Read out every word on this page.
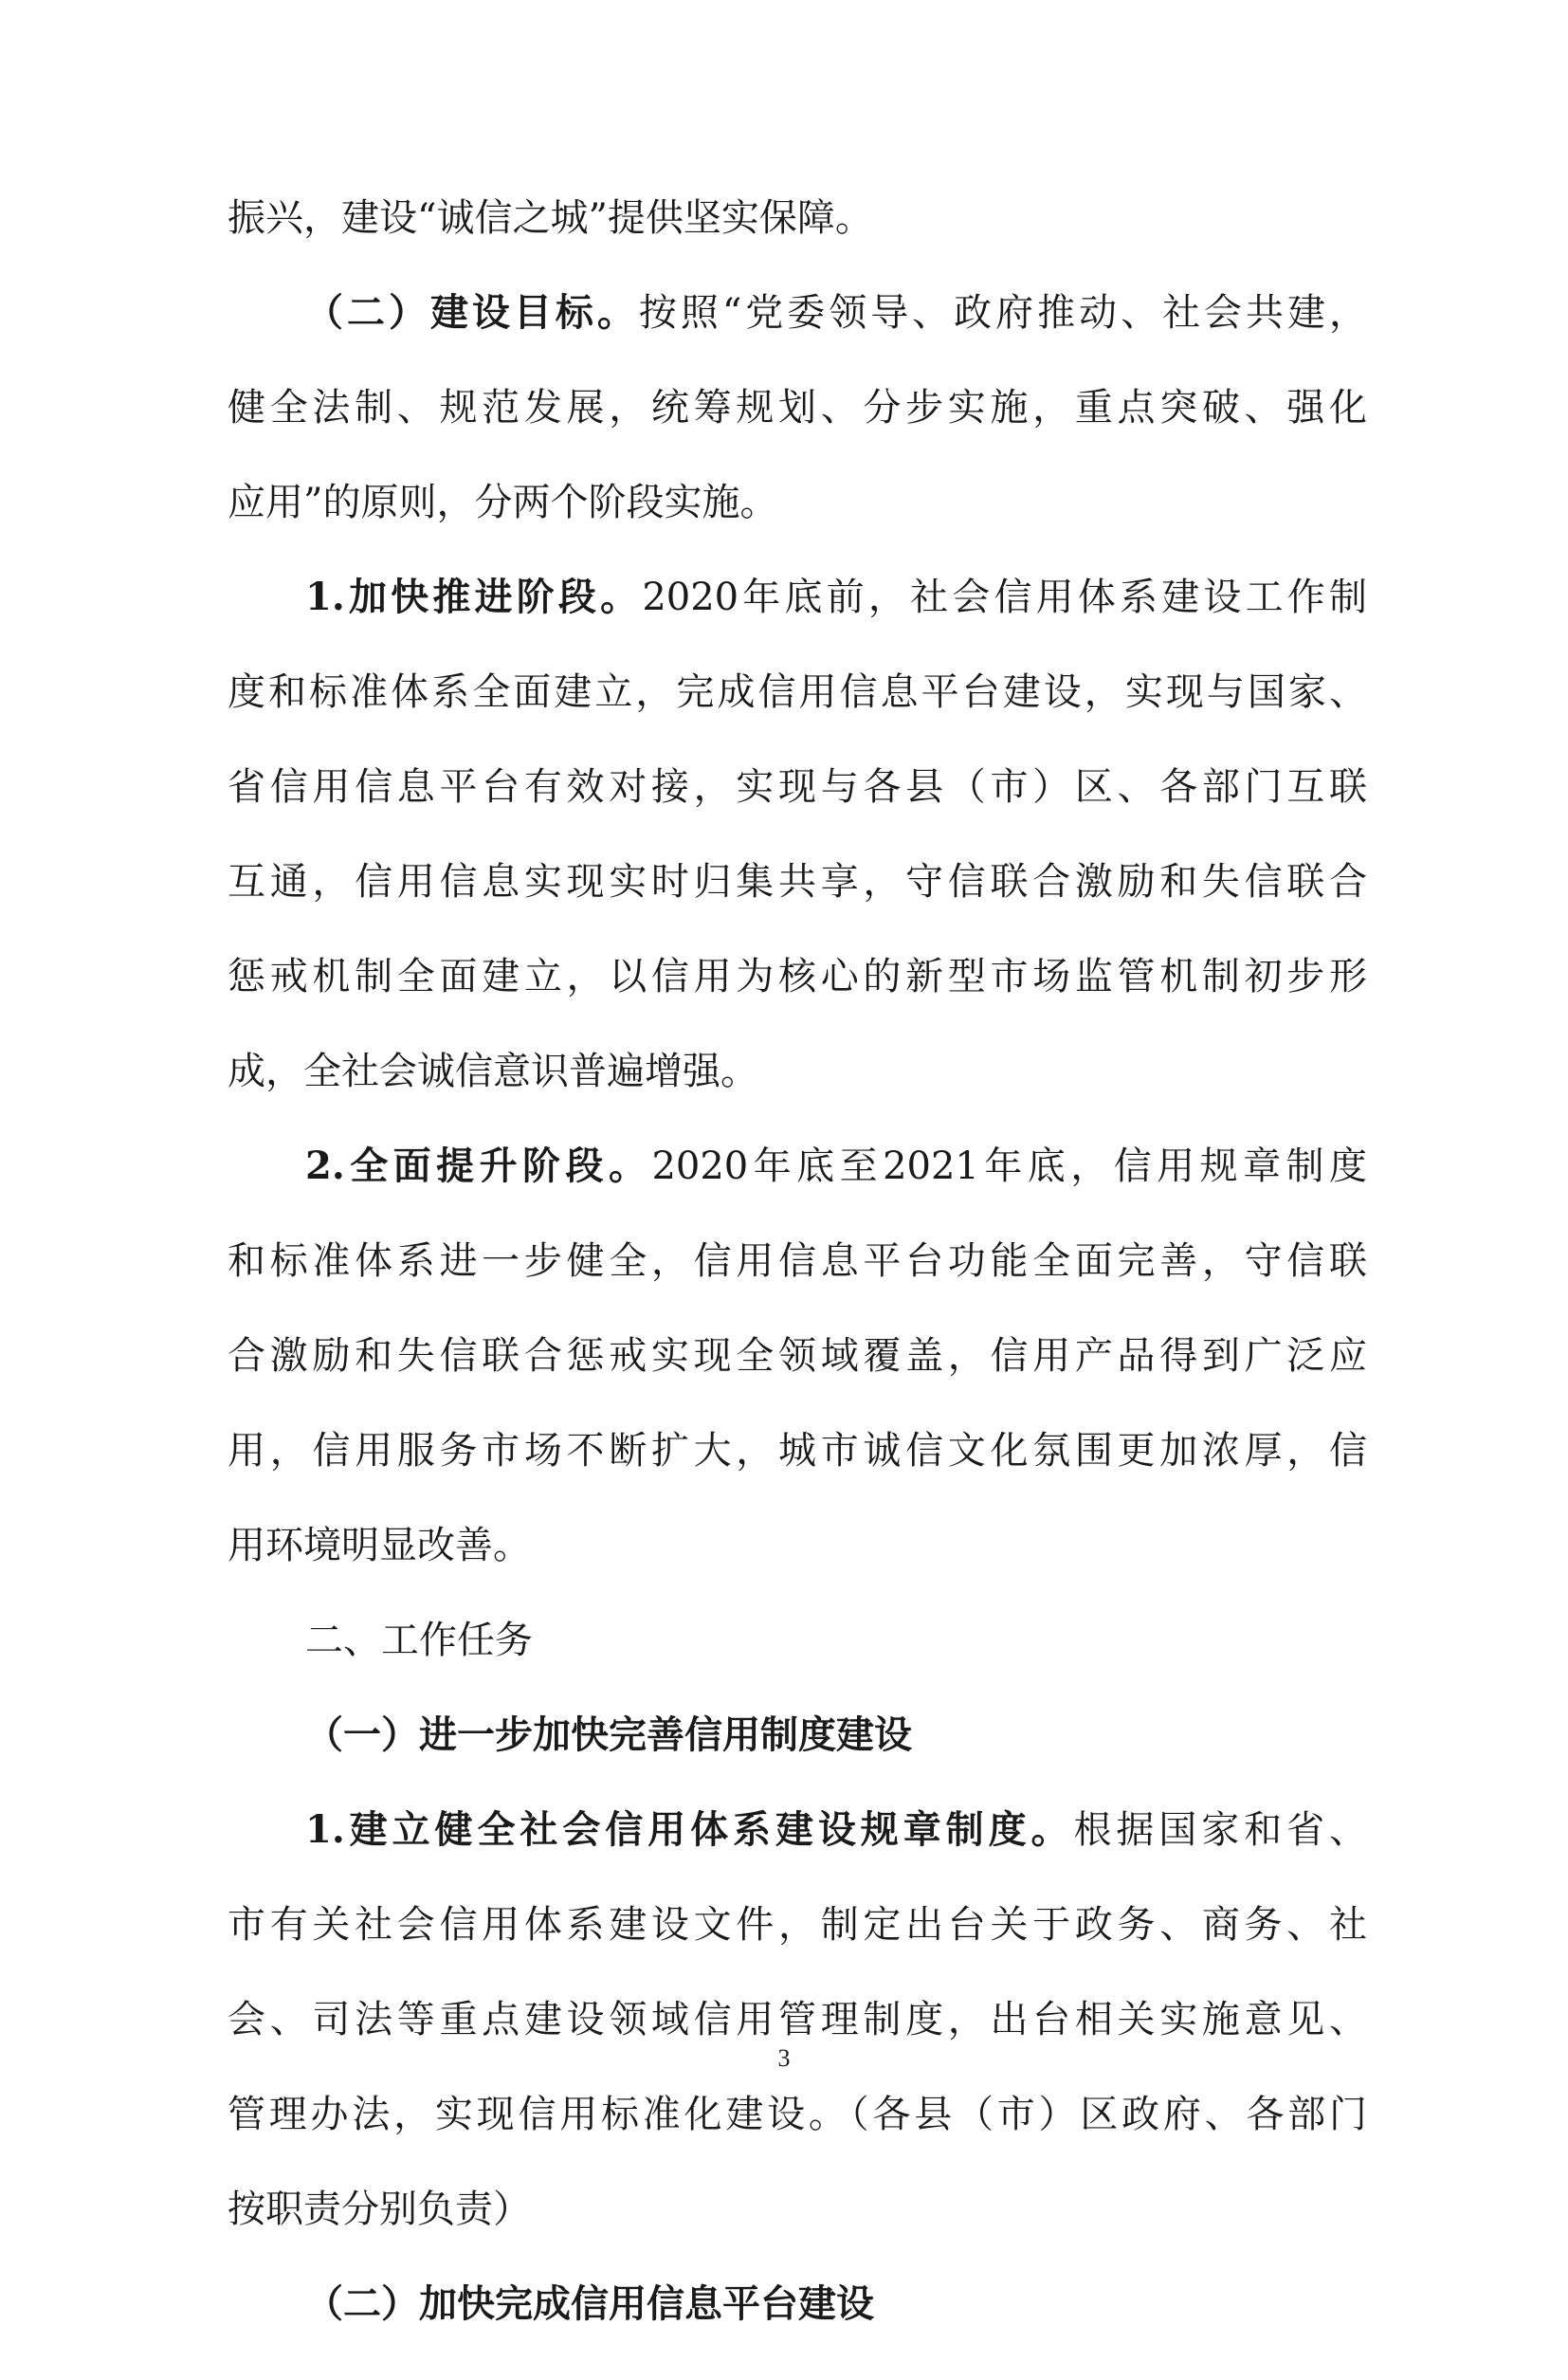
振兴，建设“诚信之城”提供坚实保障。
（二）建设目标。按照“党委领导、政府推动、社会共建，
健全法制、规范发展，统筹规划、分步实施，重点突破、强化
应用”的原则，分两个阶段实施。
1.加快推进阶段。2020年底前，社会信用体系建设工作制
度和标准体系全面建立，完成信用信息平台建设，实现与国家、
省信用信息平台有效对接，实现与各县（市）区、各部门互联
互通，信用信息实现实时归集共享，守信联合激励和失信联合
惩戒机制全面建立，以信用为核心的新型市场监管机制初步形
成，全社会诚信意识普遍增强。
2.全面提升阶段。2020年底至2021年底，信用规章制度
和标准体系进一步健全，信用信息平台功能全面完善，守信联
合激励和失信联合惩戒实现全领域覆盖，信用产品得到广泛应
用，信用服务市场不断扩大，城市诚信文化氛围更加浓厚，信
用环境明显改善。
二、工作任务
（一）进一步加快完善信用制度建设
1.建立健全社会信用体系建设规章制度。根据国家和省、
市有关社会信用体系建设文件，制定出台关于政务、商务、社
会、司法等重点建设领域信用管理制度，出台相关实施意见、
管理办法，实现信用标准化建设。（各县（市）区政府、各部门
按职责分别负责）
（二）加快完成信用信息平台建设
3
